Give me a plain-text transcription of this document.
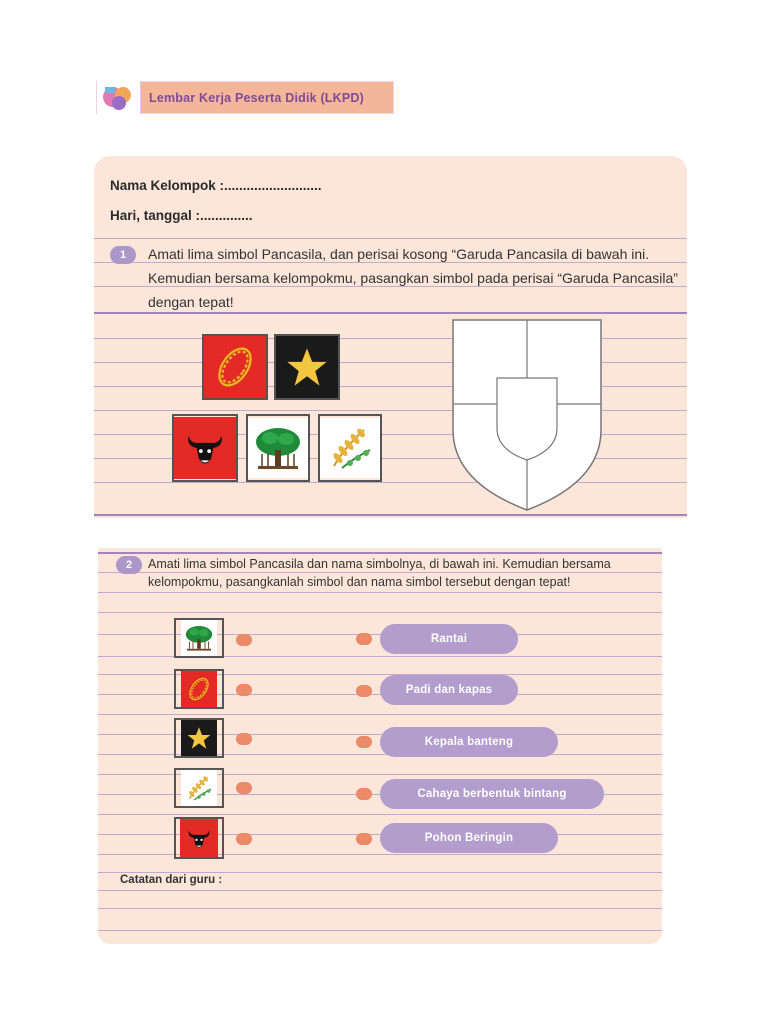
Lembar Kerja Peserta Didik (LKPD)
Nama Kelompok :..........................
Hari, tanggal :..............
1	Amati lima simbol Pancasila, dan perisai kosong “Garuda Pancasila di bawah ini. Kemudian bersama kelompokmu, pasangkan simbol pada perisai “Garuda Pancasila” dengan tepat!
2	Amati lima simbol Pancasila dan nama simbolnya, di bawah ini. Kemudian bersama kelompokmu, pasangkanlah simbol dan nama simbol tersebut dengan tepat!
Rantai
Padi dan kapas
Kepala banteng
Cahaya berbentuk bintang
Pohon Beringin
Catatan dari guru :
